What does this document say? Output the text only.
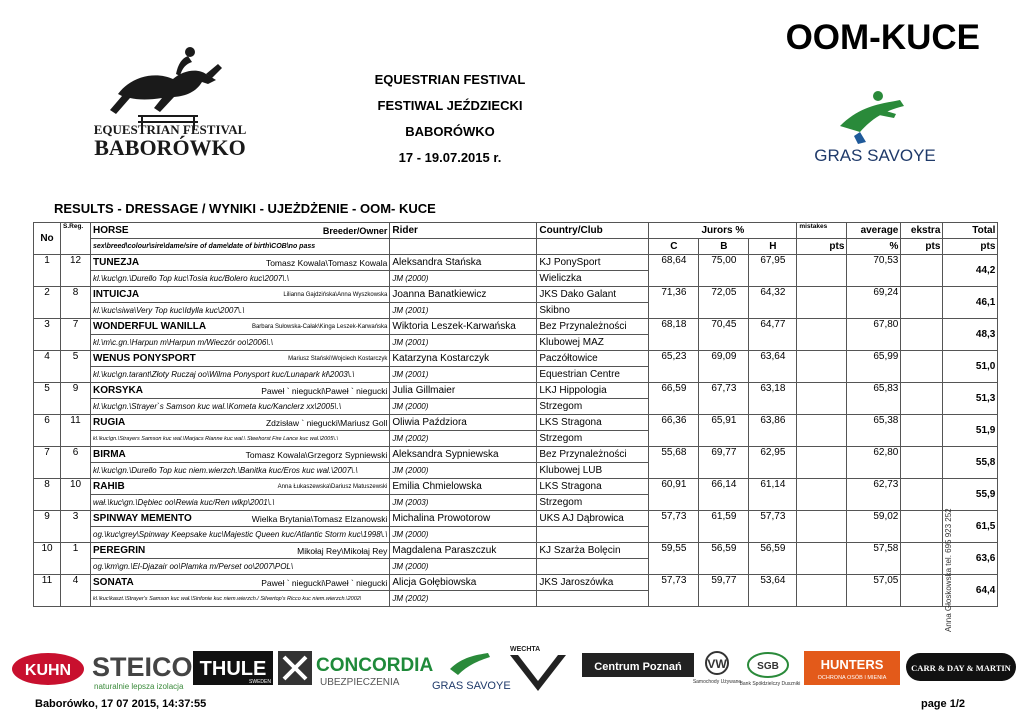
EQUESTRIAN FESTIVAL
BABORÓWKO
OOM-KUCE
EQUESTRIAN FESTIVAL
FESTIWAL JEŹDZIECKI
BABORÓWKO
17 - 19.07.2015 r.	GRAS SAVOYE
RESULTS - DRESSAGE / WYNIKI - UJEŻDŻENIE - OOM- KUCE
No	S.Reg.	HORSE Breeder/Owner	Rider	Country/Club	Jurors %			mistakes	average	ekstra	Total
		sex\breed\colour\sire\dame/sire of dame\date of birth\COB\no pass			C	B	H	pts	%	pts	pts
1	12	TUNEZJA Tomasz Kowala\Tomasz Kowala	Aleksandra Stańska	KJ PonySport	68,64	75,00	67,95		70,53		44,2
		kl.\kuc\gn.\Durello Top kuc\Tosia kuc/Bolero kuc\2007\.\	JM (2000)	Wieliczka							
2	8	INTUICJA Lilianna Gajdzińska\Anna Wyszkowska	Joanna Banatkiewicz	JKS Dako Galant	71,36	72,05	64,32		69,24		46,1
		kl.\kuc\siwa\Very Top kuc\Idylla kuc\2007\.\	JM (2001)	Skibno							
3	7	WONDERFUL WANILLA Barbara Sułowska-Całak\Kinga Leszek-Karwańska	Wiktoria Leszek-Karwańska	Bez Przynależności	68,18	70,45	64,77		67,80		48,3
		kl.\m\c.gn.\Harpun m\Harpun m/Wieczór oo\2006\.\	JM (2001)	Klubowej MAZ							
4	5	WENUS PONYSPORT Mariusz Stański\Wojciech Kostarczyk	Katarzyna Kostarczyk	Paczółtowice	65,23	69,09	63,64		65,99		51,0
		kl.\kuc\gn.tarant\Złoty Ruczaj oo\Wilma Ponysport kuc/Lunapark kł\2003\.\	JM (2001)	Equestrian Centre							
5	9	KORSYKA Paweł ` niegucki\Paweł ` niegucki	Julia Gillmaier	LKJ Hippologia	66,59	67,73	63,18		65,83		51,3
		kl.\kuc\gn.\Strayer`s Samson kuc wal.\Kometa kuc/Kanclerz xx\2005\.\	JM (2000)	Strzegom							
6	11	RUGIA Zdzisław ` niegucki\Mariusz Goll	Oliwia Paździora	LKS Stragona	66,36	65,91	63,86		65,38		51,9
		kl.\kuc\gn.\Strayers Samson kuc wal.\Marjacs Rianne kuc wal.\ Steehorst Fire Lance kuc wal.\2005\.\	JM (2002)	Strzegom							
7	6	BIRMA Tomasz Kowala\Grzegorz Sypniewski	Aleksandra Sypniewska	Bez Przynależności	55,68	69,77	62,95		62,80		55,8
		kl.\kuc\gn.\Durello Top kuc niem.wierzch.\Banitka kuc/Eros kuc wal.\2007\.\	JM (2000)	Klubowej LUB							
8	10	RAHIB Anna Łukaszewska\Dariusz Matuszewski	Emilia Chmielowska	LKS Stragona	60,91	66,14	61,14		62,73		55,9
		wał.\kuc\gn.\Dębiec oo\Rewia kuc/Ren wlkp\2001\.\	JM (2003)	Strzegom							
9	3	SPINWAY MEMENTO Wielka Brytania\Tomasz Elzanowski	Michalina Prowotorow	UKS AJ Dąbrowica	57,73	61,59	57,73		59,02		61,5
		og.\kuc\grey\Spinway Keepsake kuc\Majestic Queen kuc/Atlantic Storm kuc\1998\.\	JM (2000)								
10	1	PEREGRIN Mikołaj Rey\Mikołaj Rey	Magdalena Paraszczuk	KJ Szarża Bolęcin	59,55	56,59	56,59		57,58		63,6
		og.\km\gn.\El-Djazair oo\Plamka m/Perset oo\2007\POL\	JM (2000)								
11	4	SONATA Paweł ` niegucki\Paweł ` niegucki	Alicja Gołębiowska	JKS Jaroszówka	57,73	59,77	53,64		57,05		64,4
		kl.\kuc\kaszt.\Strayer's Samson kuc wał.\Sinfonie kuc niem.wierzch./ Silvertop's Ricco kuc niem.wierzch.\2002\	JM (2002)									Anna Głoskowska tel. 695 923 252
KUHN STEICO
naturalnie lepsza izolacja
THULE
SWEDEN
CONCORDIA
UBEZPIECZENIA	GRAS SAVOYE
WECHTA
Centrum Poznań VW
Samochody Używane
SGB
Bank Spółdzielczy Duszniki
HUNTERS
OCHRONA OSÓB I MIENIA
CARR & DAY & MARTIN
Baborówko, 17 07 2015, 14:37:55	page 1/2
